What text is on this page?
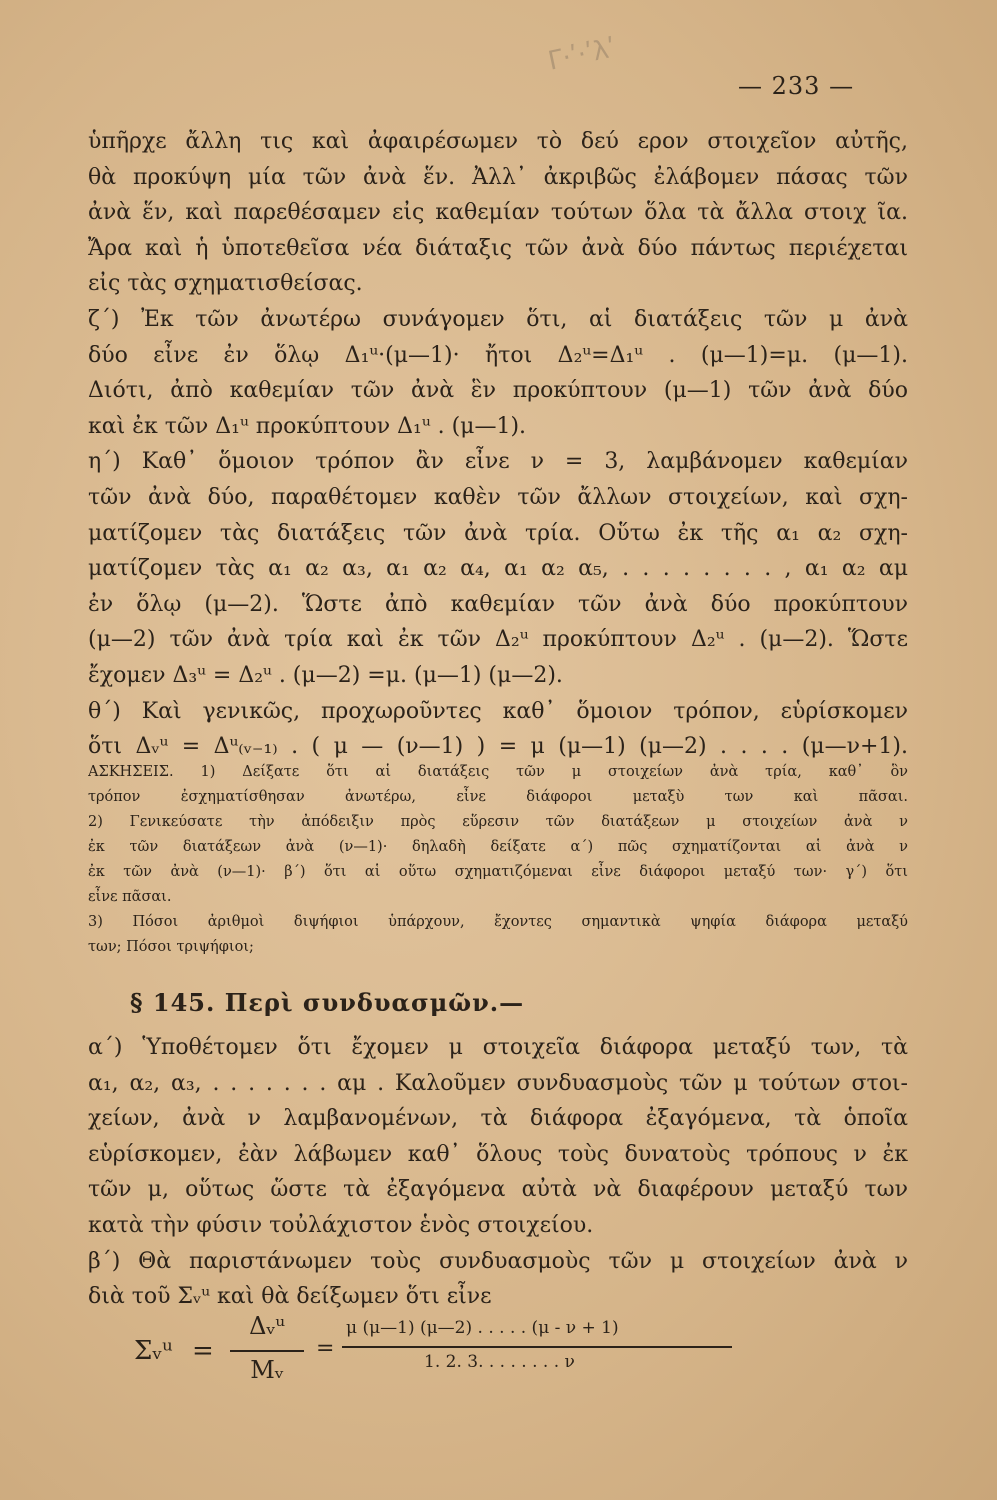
Γ·ʹ·ʹλʹ
— 233 —
ὑπῆρχε ἄλλη τις καὶ ἀφαιρέσωμεν τὸ δεύ ερον στοιχεῖον αὐτῆς,
θὰ προκύψη μία τῶν ἀνὰ ἕν. Ἀλλ᾿ ἀκριβῶς ἐλάβομεν πάσας τῶν
ἀνὰ ἕν, καὶ παρεθέσαμεν εἰς καθεμίαν τούτων ὅλα τὰ ἄλλα στοιχ ῖα.
Ἄρα καὶ ἡ ὑποτεθεῖσα νέα διάταξις τῶν ἀνὰ δύο πάντως περιέχεται
εἰς τὰς σχηματισθείσας.
ζ΄) Ἐκ τῶν ἀνωτέρω συνάγομεν ὅτι, αἱ διατάξεις τῶν μ ἀνὰ
δύο εἶνε ἐν ὅλῳ Δ₁ᵘ·(μ—1)· ἤτοι Δ₂ᵘ=Δ₁ᵘ . (μ—1)=μ. (μ—1).
Διότι, ἀπὸ καθεμίαν τῶν ἀνὰ ἓν προκύπτουν (μ—1) τῶν ἀνὰ δύο
καὶ ἐκ τῶν Δ₁ᵘ προκύπτουν Δ₁ᵘ . (μ—1).
η΄) Καθ᾿ ὅμοιον τρόπον ἂν εἶνε ν = 3, λαμβάνομεν καθεμίαν
τῶν ἀνὰ δύο, παραθέτομεν καθὲν τῶν ἄλλων στοιχείων, καὶ σχη-
ματίζομεν τὰς διατάξεις τῶν ἀνὰ τρία. Οὕτω ἐκ τῆς α₁ α₂ σχη-
ματίζομεν τὰς α₁ α₂ α₃, α₁ α₂ α₄, α₁ α₂ α₅, . . . . . . . . , α₁ α₂ αμ
ἐν ὅλῳ (μ—2). Ὥστε ἀπὸ καθεμίαν τῶν ἀνὰ δύο προκύπτουν
(μ—2) τῶν ἀνὰ τρία καὶ ἐκ τῶν Δ₂ᵘ προκύπτουν Δ₂ᵘ . (μ—2). Ὥστε
ἔχομεν Δ₃ᵘ = Δ₂ᵘ . (μ—2) =μ. (μ—1) (μ—2).
θ΄) Καὶ γενικῶς, προχωροῦντες καθ᾿ ὅμοιον τρόπον, εὑρίσκομεν
ὅτι Δᵥᵘ = Δᵘ₍ᵥ₋₁₎ . ( μ — (ν—1) ) = μ (μ—1) (μ—2) . . . . (μ—ν+1).
ΑΣΚΗΣΕΙΣ. 1) Δείξατε ὅτι αἱ διατάξεις τῶν μ στοιχείων ἀνὰ τρία, καθ᾿ ὃν
τρόπον ἐσχηματίσθησαν ἀνωτέρω, εἶνε διάφοροι μεταξὺ των καὶ πᾶσαι.
2) Γενικεύσατε τὴν ἀπόδειξιν πρὸς εὕρεσιν τῶν διατάξεων μ στοιχείων ἀνὰ ν
ἐκ τῶν διατάξεων ἀνὰ (ν—1)· δηλαδὴ δείξατε α΄) πῶς σχηματίζονται αἱ ἀνὰ ν
ἐκ τῶν ἀνὰ (ν—1)· β΄) ὅτι αἱ οὕτω σχηματιζόμεναι εἶνε διάφοροι μεταξύ των· γ΄) ὅτι
εἶνε πᾶσαι.
3) Πόσοι ἀριθμοὶ διψήφιοι ὑπάρχουν, ἔχοντες σημαντικὰ ψηφία διάφορα μεταξύ
των; Πόσοι τριψήφιοι;
§ 145. Περὶ συνδυασμῶν.—
α΄) Ὑποθέτομεν ὅτι ἔχομεν μ στοιχεῖα διάφορα μεταξύ των, τὰ
α₁, α₂, α₃, . . . . . . . αμ . Καλοῦμεν συνδυασμοὺς τῶν μ τούτων στοι-
χείων, ἀνὰ ν λαμβανομένων, τὰ διάφορα ἐξαγόμενα, τὰ ὁποῖα
εὑρίσκομεν, ἐὰν λάβωμεν καθ᾿ ὅλους τοὺς δυνατοὺς τρόπους ν ἐκ
τῶν μ, οὕτως ὥστε τὰ ἐξαγόμενα αὐτὰ νὰ διαφέρουν μεταξύ των
κατὰ τὴν φύσιν τοὐλάχιστον ἑνὸς στοιχείου.
β΄) Θὰ παριστάνωμεν τοὺς συνδυασμοὺς τῶν μ στοιχείων ἀνὰ ν
διὰ τοῦ Σᵥᵘ καὶ θὰ δείξωμεν ὅτι εἶνε
Σᵥᵘ =
Δᵥᵘ
Μᵥ
=
μ (μ—1) (μ—2) . . . . . (μ - ν + 1)
1. 2. 3. . . . . . . . ν
